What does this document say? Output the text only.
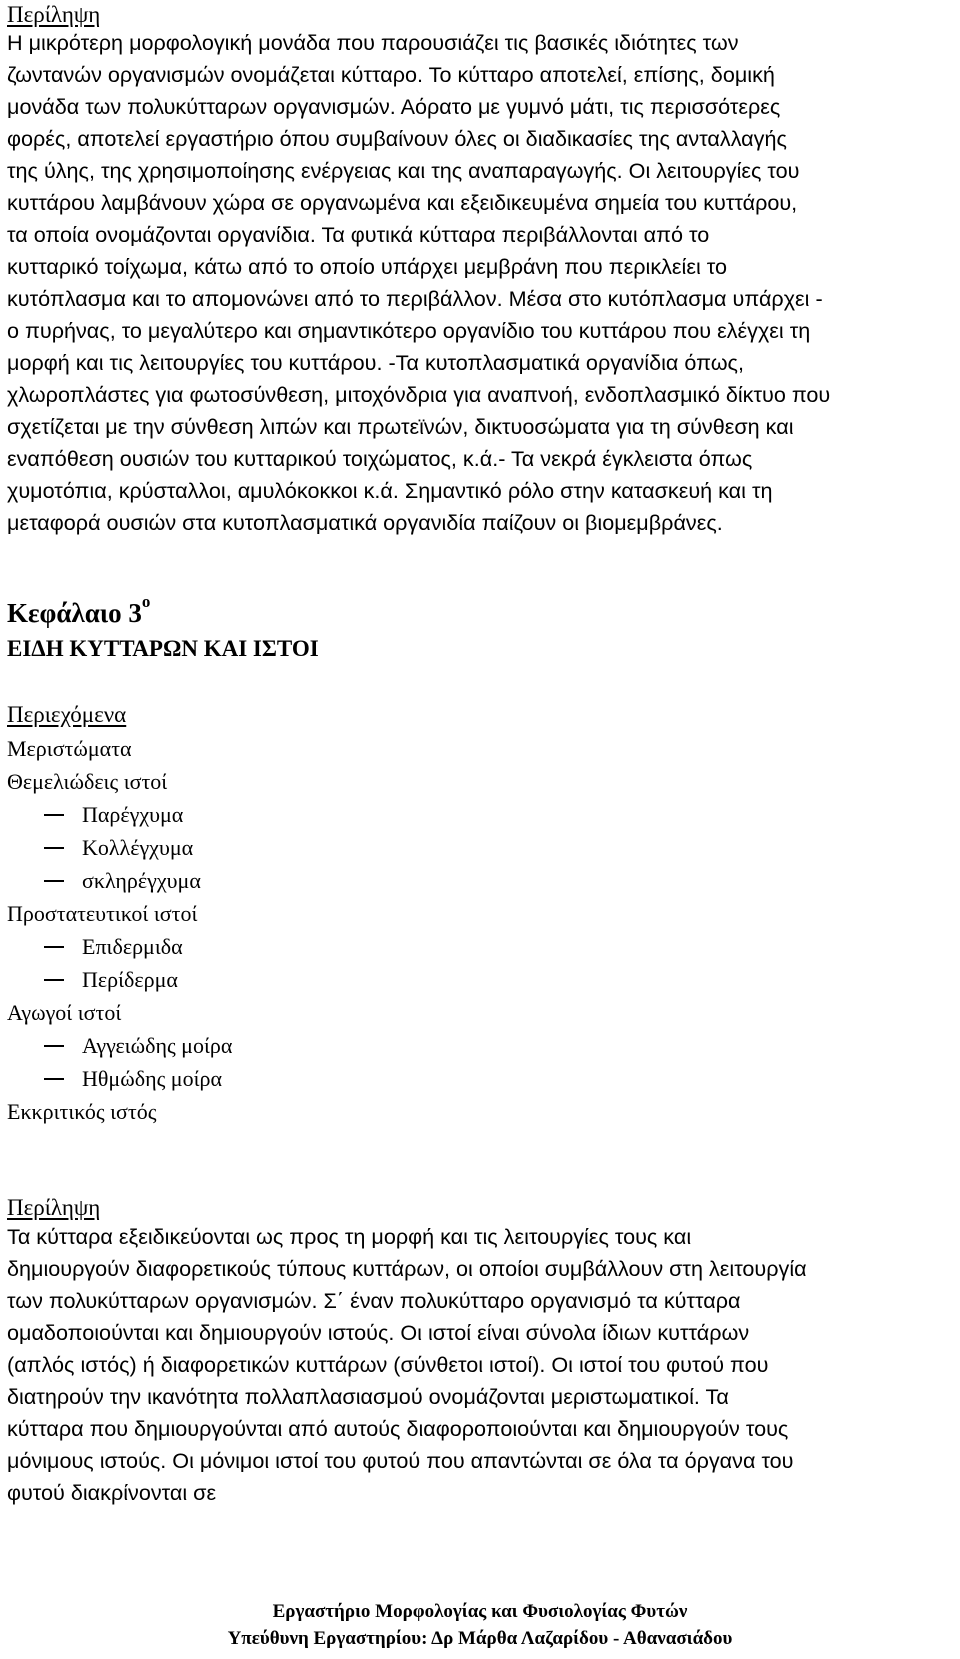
Περίληψη

Η μικρότερη μορφολογική μονάδα που παρουσιάζει τις βασικές ιδιότητες των
ζωντανών οργανισμών ονομάζεται κύτταρο. Το κύτταρο αποτελεί, επίσης, δομική
μονάδα των πολυκύτταρων οργανισμών. Αόρατο με γυμνό μάτι, τις περισσότερες
φορές, αποτελεί εργαστήριο όπου συμβαίνουν όλες οι διαδικασίες της ανταλλαγής
της ύλης, της χρησιμοποίησης ενέργειας και της αναπαραγωγής. Οι λειτουργίες του
κυττάρου λαμβάνουν χώρα σε οργανωμένα και εξειδικευμένα σημεία του κυττάρου,
τα οποία ονομάζονται οργανίδια. Τα φυτικά κύτταρα περιβάλλονται από το
κυτταρικό τοίχωμα, κάτω από το οποίο υπάρχει μεμβράνη που περικλείει το
κυτόπλασμα και το απομονώνει από το περιβάλλον. Μέσα στο κυτόπλασμα υπάρχει -
ο πυρήνας, το μεγαλύτερο και σημαντικότερο οργανίδιο του κυττάρου που ελέγχει τη
μορφή και τις λειτουργίες του κυττάρου. -Τα κυτοπλασματικά οργανίδια όπως,
χλωροπλάστες για φωτοσύνθεση, μιτοχόνδρια για αναπνοή, ενδοπλασμικό δίκτυο που
σχετίζεται με την σύνθεση λιπών και πρωτεϊνών, δικτυοσώματα για τη σύνθεση και
εναπόθεση ουσιών του κυτταρικού τοιχώματος, κ.ά.- Τα νεκρά έγκλειστα όπως
χυμοτόπια, κρύσταλλοι, αμυλόκοκκοι κ.ά. Σημαντικό ρόλο στην κατασκευή και τη
μεταφορά ουσιών στα κυτοπλασματικά οργανιδία παίζουν οι βιομεμβράνες.

Κεφάλαιο $3^o$
ΕΙΔΗ ΚΥΤΤΑΡΩΝ ΚΑΙ ΙΣΤΟΙ
Περιεχόμενα
Μεριστώματα
Θεμελιώδεις ιστοί
Παρέγχυμα
Κολλέγχυμα
σκληρέγχυμα
Προστατευτικοί ιστοί
Επιδερμιδα
Περίδερμα
Αγωγοί ιστοί
Αγγειώδης μοίρα
Ηθμώδης μοίρα
Εκκριτικός ιστός
Περίληψη

Τα κύτταρα εξειδικεύονται ως προς τη μορφή και τις λειτουργίες τους και
δημιουργούν διαφορετικούς τύπους κυττάρων, οι οποίοι συμβάλλουν στη λειτουργία
των πολυκύτταρων οργανισμών. Σ΄ έναν πολυκύτταρο οργανισμό τα κύτταρα
ομαδοποιούνται και δημιουργούν ιστούς. Οι ιστοί είναι σύνολα ίδιων κυττάρων
(απλός ιστός) ή διαφορετικών κυττάρων (σύνθετοι ιστοί). Οι ιστοί του φυτού που
διατηρούν την ικανότητα πολλαπλασιασμού ονομάζονται μεριστωματικοί. Τα
κύτταρα που δημιουργούνται από αυτούς διαφοροποιούνται και δημιουργούν τους
μόνιμους ιστούς. Οι μόνιμοι ιστοί του φυτού που απαντώνται σε όλα τα όργανα του
φυτού διακρίνονται σε

Εργαστήριο Μορφολογίας και Φυσιολογίας Φυτών
Υπεύθυνη Εργαστηρίου: Δρ Μάρθα Λαζαρίδου - Αθανασιάδου
